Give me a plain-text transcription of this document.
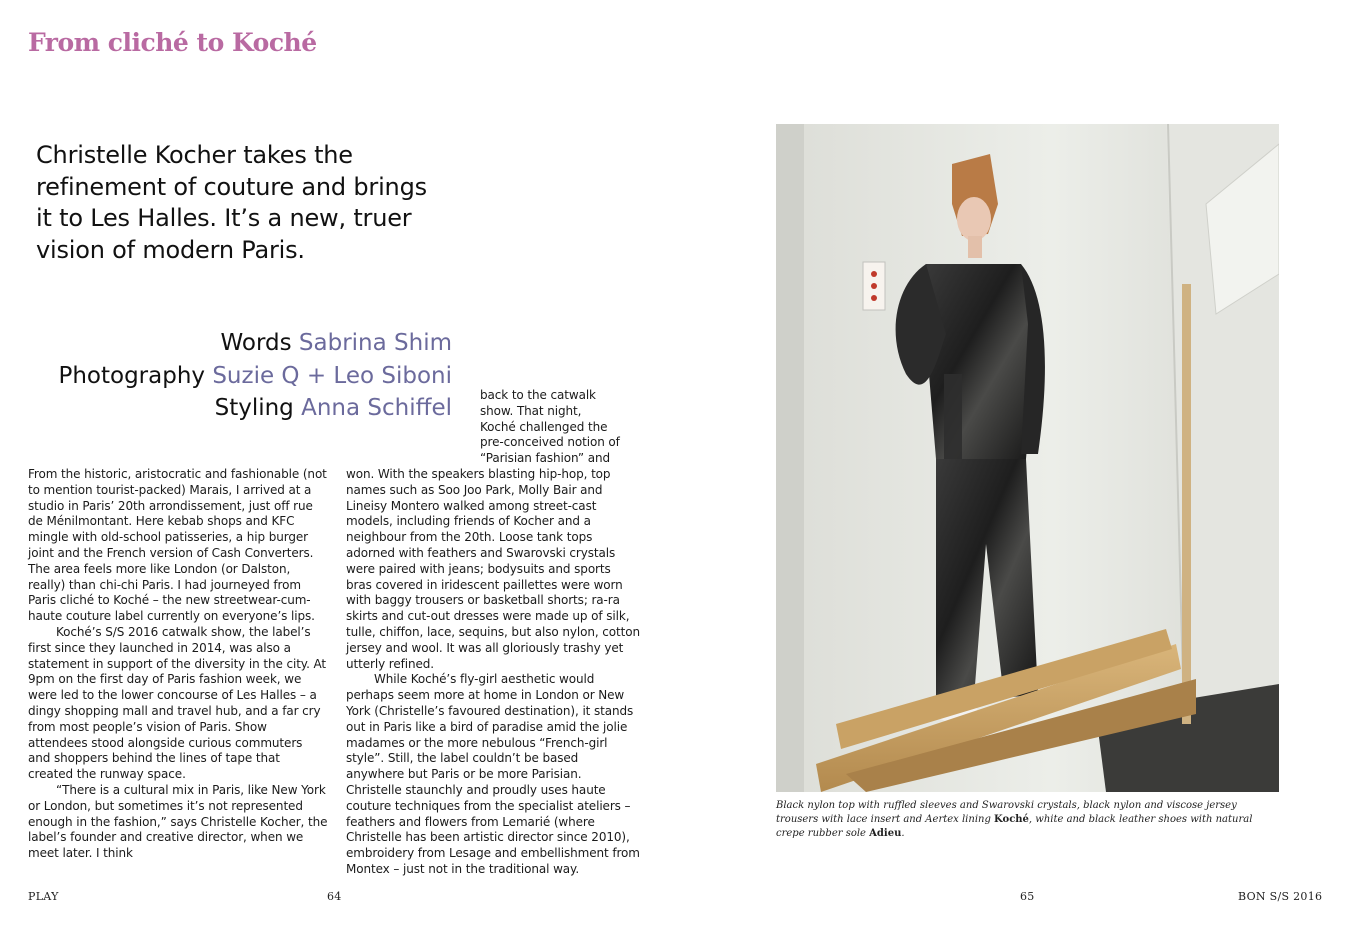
From cliché to Koché
Christelle Kocher takes the refinement of couture and brings it to Les Halles. It’s a new, truer vision of modern Paris.
Words Sabrina Shim
Photography Suzie Q + Leo Siboni
Styling Anna Schiffel

From the historic, aristocratic and fashionable (not to mention tourist-packed) Marais, I arrived at a studio in Paris’ 20th arrondissement, just off rue de Ménilmontant. Here kebab shops and KFC mingle with old-school patisseries, a hip burger joint and the French version of Cash Converters. The area feels more like London (or Dalston, really) than chi-chi Paris. I had journeyed from Paris cliché to Koché – the new streetwear-cum-haute couture label currently on everyone’s lips.

Koché’s S/S 2016 catwalk show, the label’s first since they launched in 2014, was also a statement in support of the diversity in the city. At 9pm on the first day of Paris fashion week, we were led to the lower concourse of Les Halles – a dingy shopping mall and travel hub, and a far cry from most people’s vision of Paris. Show attendees stood alongside curious commuters and shoppers behind the lines of tape that created the runway space.

“There is a cultural mix in Paris, like New York or London, but sometimes it’s not represented enough in the fashion,” says Christelle Kocher, the label’s founder and creative director, when we meet later. I think

back to the catwalk show. That night, Koché challenged the pre-conceived notion of “Parisian fashion” and

won. With the speakers blasting hip-hop, top names such as Soo Joo Park, Molly Bair and Lineisy Montero walked among street-cast models, including friends of Kocher and a neighbour from the 20th. Loose tank tops adorned with feathers and Swarovski crystals were paired with jeans; bodysuits and sports bras covered in iridescent paillettes were worn with baggy trousers or basketball shorts; ra-ra skirts and cut-out dresses were made up of silk, tulle, chiffon, lace, sequins, but also nylon, cotton jersey and wool. It was all gloriously trashy yet utterly refined.

While Koché’s fly-girl aesthetic would perhaps seem more at home in London or New York (Christelle’s favoured destination), it stands out in Paris like a bird of paradise amid the jolie madames or the more nebulous “French-girl style”. Still, the label couldn’t be based anywhere but Paris or be more Parisian. Christelle staunchly and proudly uses haute couture techniques from the specialist ateliers – feathers and flowers from Lemarié (where Christelle has been artistic director since 2010), embroidery from Lesage and embellishment from Montex – just not in the traditional way.

Black nylon top with ruffled sleeves and Swarovski crystals, black nylon and viscose jersey trousers with lace insert and Aertex lining Koché, white and black leather shoes with natural crepe rubber sole Adieu.
PLAY	64	65	BON S/S 2016
